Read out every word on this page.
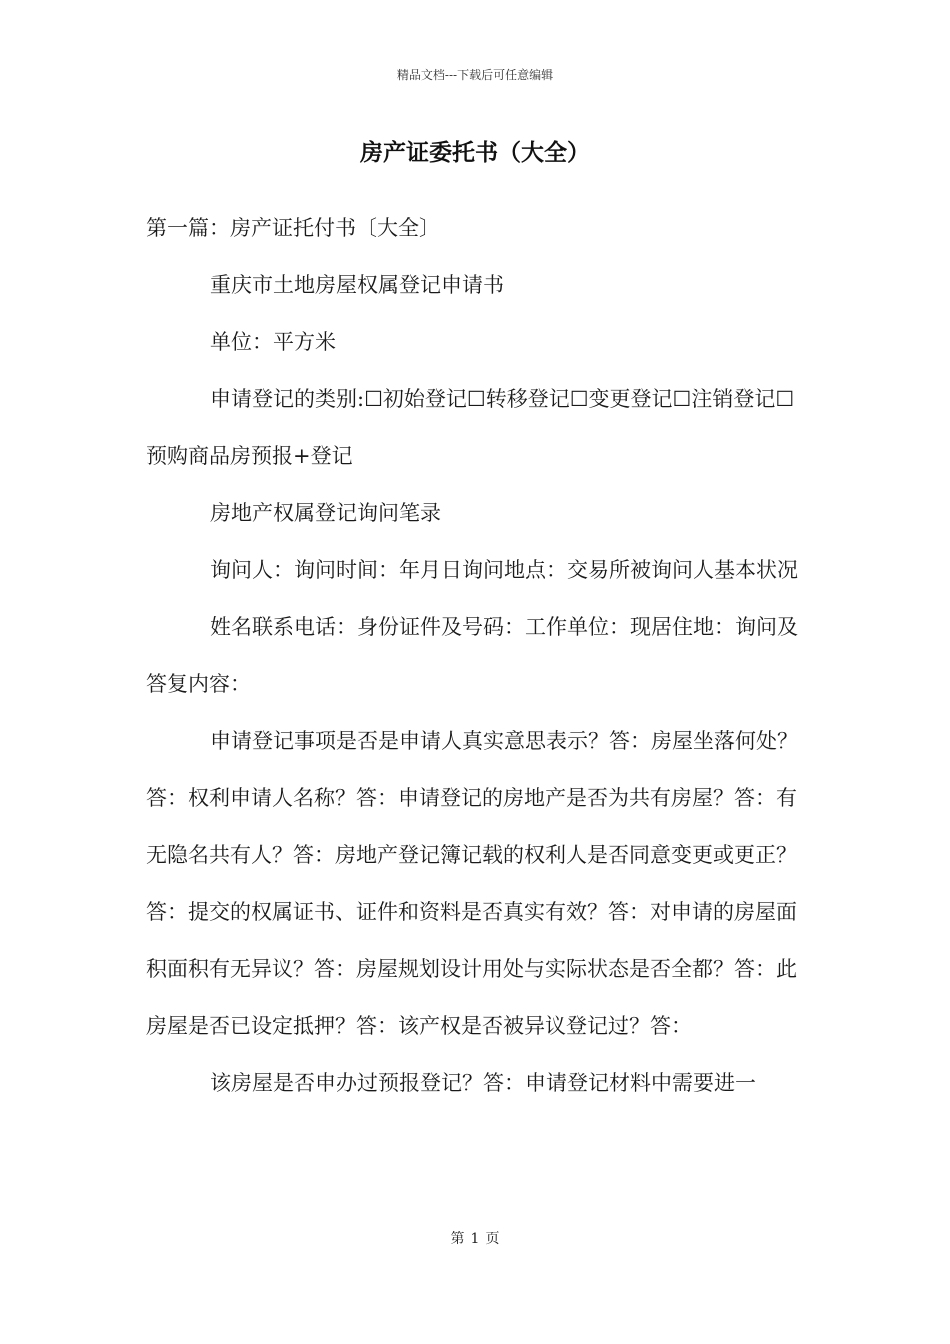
精品文档---下载后可任意编辑
房产证委托书（大全）

第一篇：房产证托付书〔大全〕

重庆市土地房屋权属登记申请书

单位：平方米

申请登记的类别:☐初始登记☐转移登记☐变更登记☐注销登记☐预购商品房预报+登记

房地产权属登记询问笔录

询问人：询问时间：年月日询问地点：交易所被询问人基本状况

姓名联系电话：身份证件及号码：工作单位：现居住地：询问及答复内容：

申请登记事项是否是申请人真实意思表示？答：房屋坐落何处？答：权利申请人名称？答：申请登记的房地产是否为共有房屋？答：有无隐名共有人？答：房地产登记簿记载的权利人是否同意变更或更正？答：提交的权属证书、证件和资料是否真实有效？答：对申请的房屋面积面积有无异议？答：房屋规划设计用处与实际状态是否全都？答：此房屋是否已设定抵押？答：该产权是否被异议登记过？答：

该房屋是否申办过预报登记？答：申请登记材料中需要进一

第 1 页
